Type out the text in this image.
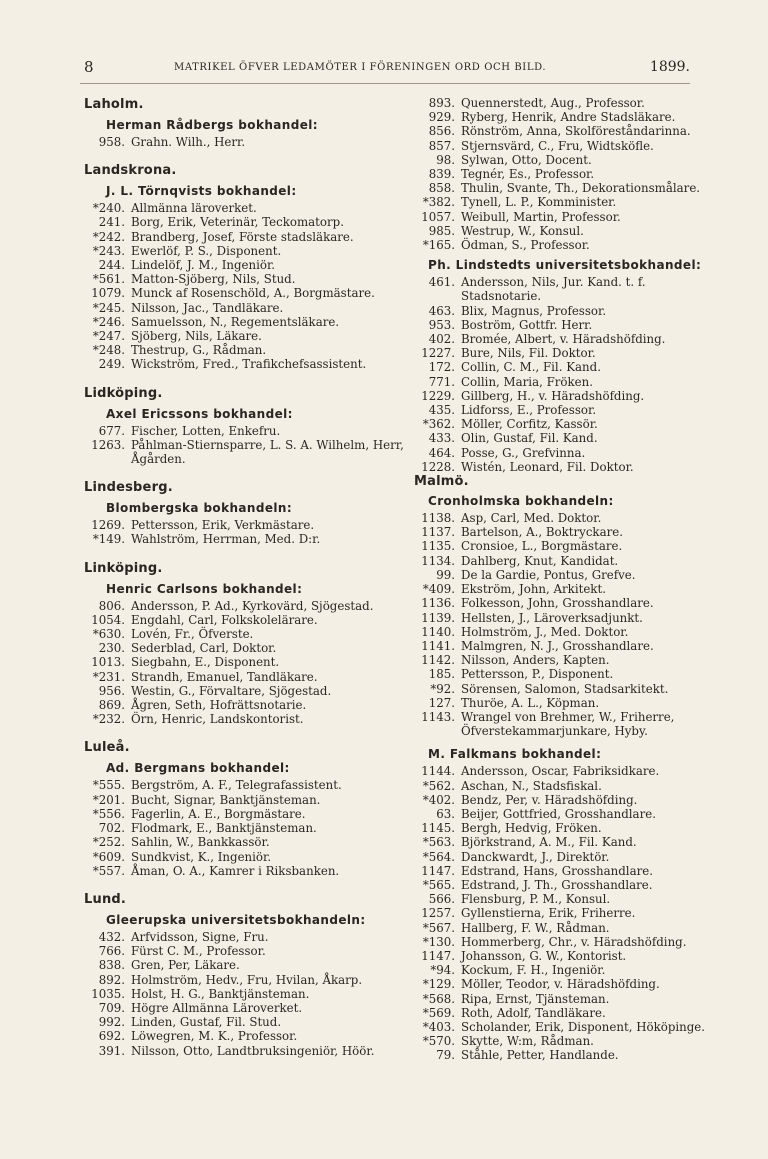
8	MATRIKEL ÖFVER LEDAMÖTER I FÖRENINGEN ORD OCH BILD.	1899.
Laholm.
Herman Rådbergs bokhandel:
958. Grahn. Wilh., Herr.
Landskrona.
J. L. Törnqvists bokhandel:
*240. Allmänna läroverket.
241. Borg, Erik, Veterinär, Teckomatorp.
*242. Brandberg, Josef, Förste stadsläkare.
*243. Ewerlöf, P. S., Disponent.
244. Lindelöf, J. M., Ingeniör.
*561. Matton-Sjöberg, Nils, Stud.
1079. Munck af Rosenschöld, A., Borgmästare.
*245. Nilsson, Jac., Tandläkare.
*246. Samuelsson, N., Regementsläkare.
*247. Sjöberg, Nils, Läkare.
*248. Thestrup, G., Rådman.
249. Wickström, Fred., Trafikchefsassistent.
Lidköping.
Axel Ericssons bokhandel:
677. Fischer, Lotten, Enkefru.
1263. Påhlman-Stiernsparre, L. S. A. Wilhelm, Herr, Ågården.
Lindesberg.
Blombergska bokhandeln:
1269. Pettersson, Erik, Verkmästare.
*149. Wahlström, Herrman, Med. D:r.
Linköping.
Henric Carlsons bokhandel:
806. Andersson, P. Ad., Kyrkovärd, Sjögestad.
1054. Engdahl, Carl, Folkskolelärare.
*630. Lovén, Fr., Öfverste.
230. Sederblad, Carl, Doktor.
1013. Siegbahn, E., Disponent.
*231. Strandh, Emanuel, Tandläkare.
956. Westin, G., Förvaltare, Sjögestad.
869. Ågren, Seth, Hofrättsnotarie.
*232. Örn, Henric, Landskontorist.
Luleå.
Ad. Bergmans bokhandel:
*555. Bergström, A. F., Telegrafassistent.
*201. Bucht, Signar, Banktjänsteman.
*556. Fagerlin, A. E., Borgmästare.
702. Flodmark, E., Banktjänsteman.
*252. Sahlin, W., Bankkassör.
*609. Sundkvist, K., Ingeniör.
*557. Åman, O. A., Kamrer i Riksbanken.
Lund.
Gleerupska universitetsbokhandeln:
432. Arfvidsson, Signe, Fru.
766. Fürst C. M., Professor.
838. Gren, Per, Läkare.
892. Holmström, Hedv., Fru, Hvilan, Åkarp.
1035. Holst, H. G., Banktjänsteman.
709. Högre Allmänna Läroverket.
992. Linden, Gustaf, Fil. Stud.
692. Löwegren, M. K., Professor.
391. Nilsson, Otto, Landtbruksingeniör, Höör.
893. Quennerstedt, Aug., Professor.
929. Ryberg, Henrik, Andre Stadsläkare.
856. Rönström, Anna, Skolföreståndarinna.
857. Stjernsvärd, C., Fru, Widtsköfle.
98. Sylwan, Otto, Docent.
839. Tegnér, Es., Professor.
858. Thulin, Svante, Th., Dekorationsmålare.
*382. Tynell, L. P., Komminister.
1057. Weibull, Martin, Professor.
985. Westrup, W., Konsul.
*165. Ödman, S., Professor.
Ph. Lindstedts universitetsbokhandel:
461. Andersson, Nils, Jur. Kand. t. f. Stadsnotarie.
463. Blix, Magnus, Professor.
953. Boström, Gottfr. Herr.
402. Bromée, Albert, v. Häradshöfding.
1227. Bure, Nils, Fil. Doktor.
172. Collin, C. M., Fil. Kand.
771. Collin, Maria, Fröken.
1229. Gillberg, H., v. Häradshöfding.
435. Lidforss, E., Professor.
*362. Möller, Corfitz, Kassör.
433. Olin, Gustaf, Fil. Kand.
464. Posse, G., Grefvinna.
1228. Wistén, Leonard, Fil. Doktor.
Malmö.
Cronholmska bokhandeln:
1138. Asp, Carl, Med. Doktor.
1137. Bartelson, A., Boktryckare.
1135. Cronsioe, L., Borgmästare.
1134. Dahlberg, Knut, Kandidat.
99. De la Gardie, Pontus, Grefve.
*409. Ekström, John, Arkitekt.
1136. Folkesson, John, Grosshandlare.
1139. Hellsten, J., Läroverksadjunkt.
1140. Holmström, J., Med. Doktor.
1141. Malmgren, N. J., Grosshandlare.
1142. Nilsson, Anders, Kapten.
185. Pettersson, P., Disponent.
*92. Sörensen, Salomon, Stadsarkitekt.
127. Thuröe, A. L., Köpman.
1143. Wrangel von Brehmer, W., Friherre, Öfverstekammarjunkare, Hyby.
M. Falkmans bokhandel:
1144. Andersson, Oscar, Fabriksidkare.
*562. Aschan, N., Stadsfiskal.
*402. Bendz, Per, v. Häradshöfding.
63. Beijer, Gottfried, Grosshandlare.
1145. Bergh, Hedvig, Fröken.
*563. Björkstrand, A. M., Fil. Kand.
*564. Danckwardt, J., Direktör.
1147. Edstrand, Hans, Grosshandlare.
*565. Edstrand, J. Th., Grosshandlare.
566. Flensburg, P. M., Konsul.
1257. Gyllenstierna, Erik, Friherre.
*567. Hallberg, F. W., Rådman.
*130. Hommerberg, Chr., v. Häradshöfding.
1147. Johansson, G. W., Kontorist.
*94. Kockum, F. H., Ingeniör.
*129. Möller, Teodor, v. Häradshöfding.
*568. Ripa, Ernst, Tjänsteman.
*569. Roth, Adolf, Tandläkare.
*403. Scholander, Erik, Disponent, Hököpinge.
*570. Skytte, W:m, Rådman.
79. Ståhle, Petter, Handlande.
